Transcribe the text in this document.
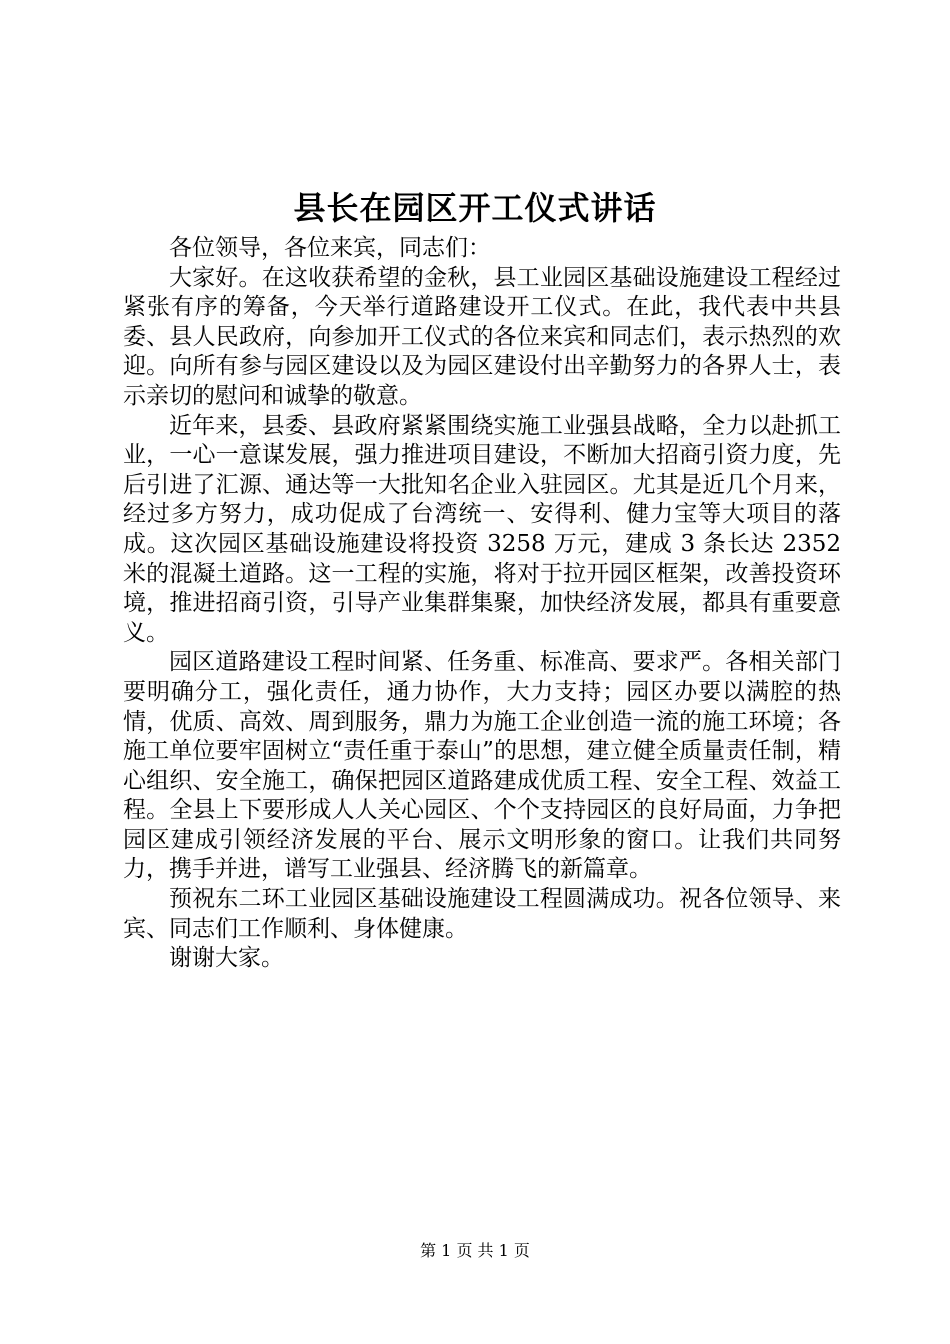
县长在园区开工仪式讲话

各位领导，各位来宾，同志们：

大家好。在这收获希望的金秋，县工业园区基础设施建设工程经过紧张有序的筹备，今天举行道路建设开工仪式。在此，我代表中共县委、县人民政府，向参加开工仪式的各位来宾和同志们，表示热烈的欢迎。向所有参与园区建设以及为园区建设付出辛勤努力的各界人士，表示亲切的慰问和诚挚的敬意。

近年来，县委、县政府紧紧围绕实施工业强县战略，全力以赴抓工业，一心一意谋发展，强力推进项目建设，不断加大招商引资力度，先后引进了汇源、通达等一大批知名企业入驻园区。尤其是近几个月来，经过多方努力，成功促成了台湾统一、安得利、健力宝等大项目的落成。这次园区基础设施建设将投资 3258 万元，建成 3 条长达 2352 米的混凝土道路。这一工程的实施，将对于拉开园区框架，改善投资环境，推进招商引资，引导产业集群集聚，加快经济发展，都具有重要意义。

园区道路建设工程时间紧、任务重、标准高、要求严。各相关部门要明确分工，强化责任，通力协作，大力支持；园区办要以满腔的热情，优质、高效、周到服务，鼎力为施工企业创造一流的施工环境；各施工单位要牢固树立“责任重于泰山”的思想，建立健全质量责任制，精心组织、安全施工，确保把园区道路建成优质工程、安全工程、效益工程。全县上下要形成人人关心园区、个个支持园区的良好局面，力争把园区建成引领经济发展的平台、展示文明形象的窗口。让我们共同努力，携手并进，谱写工业强县、经济腾飞的新篇章。

预祝东二环工业园区基础设施建设工程圆满成功。祝各位领导、来宾、同志们工作顺利、身体健康。

谢谢大家。

第 1 页 共 1 页
